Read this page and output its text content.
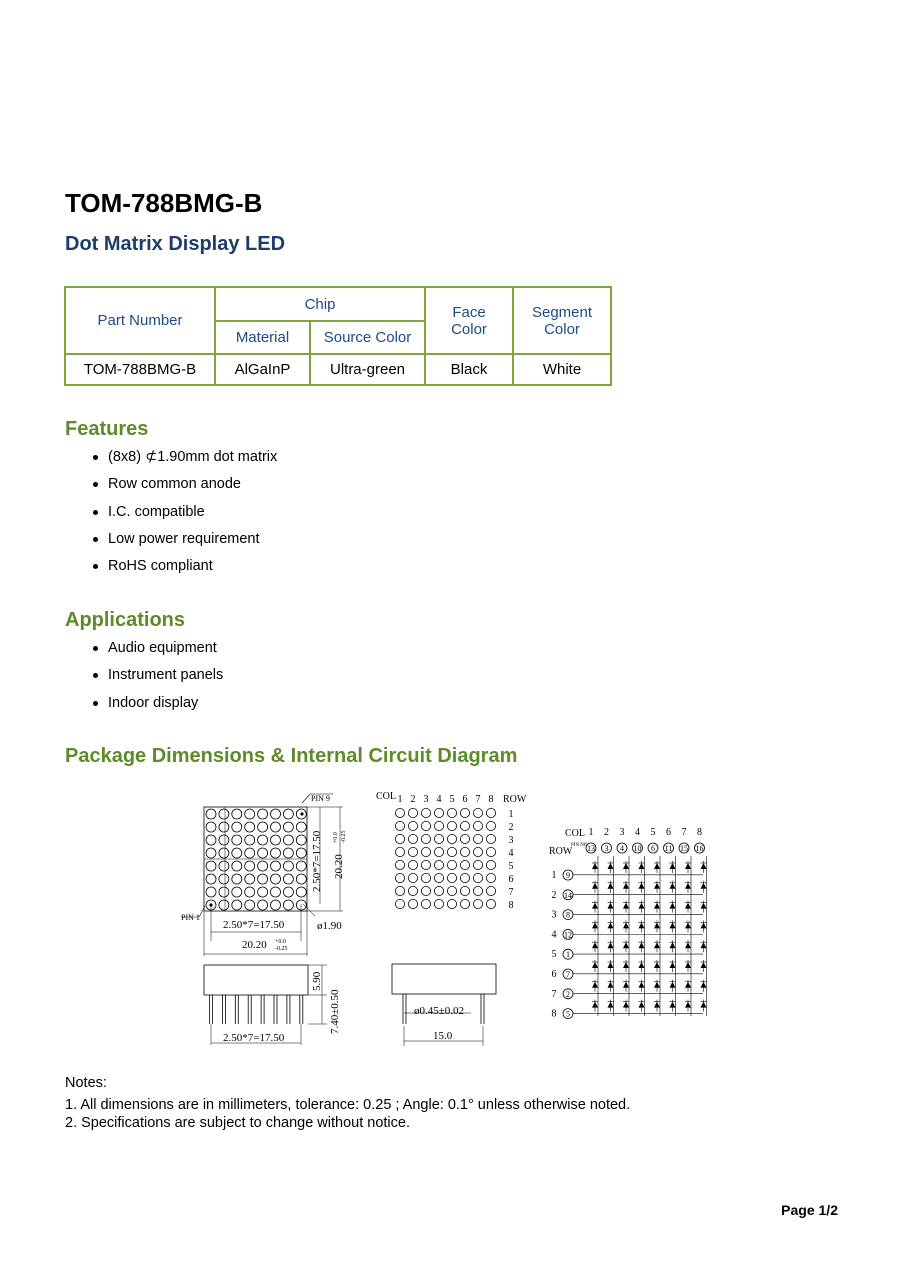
TOM-788BMG-B
Dot Matrix Display LED
Part Number	Chip		Face Color	Segment Color
	Material	Source Color		
TOM-788BMG-B	AlGaInP	Ultra-green	Black	White
Features
(8x8) ⊄1.90mm dot matrix
Row common anode
I.C. compatible
Low power requirement
RoHS compliant
Applications
Audio equipment
Instrument panels
Indoor display
Package Dimensions & Internal Circuit Diagram
PIN 9
PIN 1
2.50*7=17.50 20.20
+0.0 -0.25
2.50*7=17.50
20.20 +0.0
-0.25
ø1.90
5.90
7.40±0.50
2.50*7=17.50
COL	ROW
1 2 3 4 5 6 7 8
1
2
3
4
5
6
7
8
ø0.45±0.02
15.0
COL
ROW
PIN NO
1 2 3 4 5 6 7 8
13 3 4 10 6 11 15 16
1 9
2 14
3 8
4 12
5 1
6 7
7 2
8 5
Notes:
1. All dimensions are in millimeters, tolerance: 0.25 ; Angle: 0.1° unless otherwise noted.
2. Specifications are subject to change without notice.
Page 1/2
